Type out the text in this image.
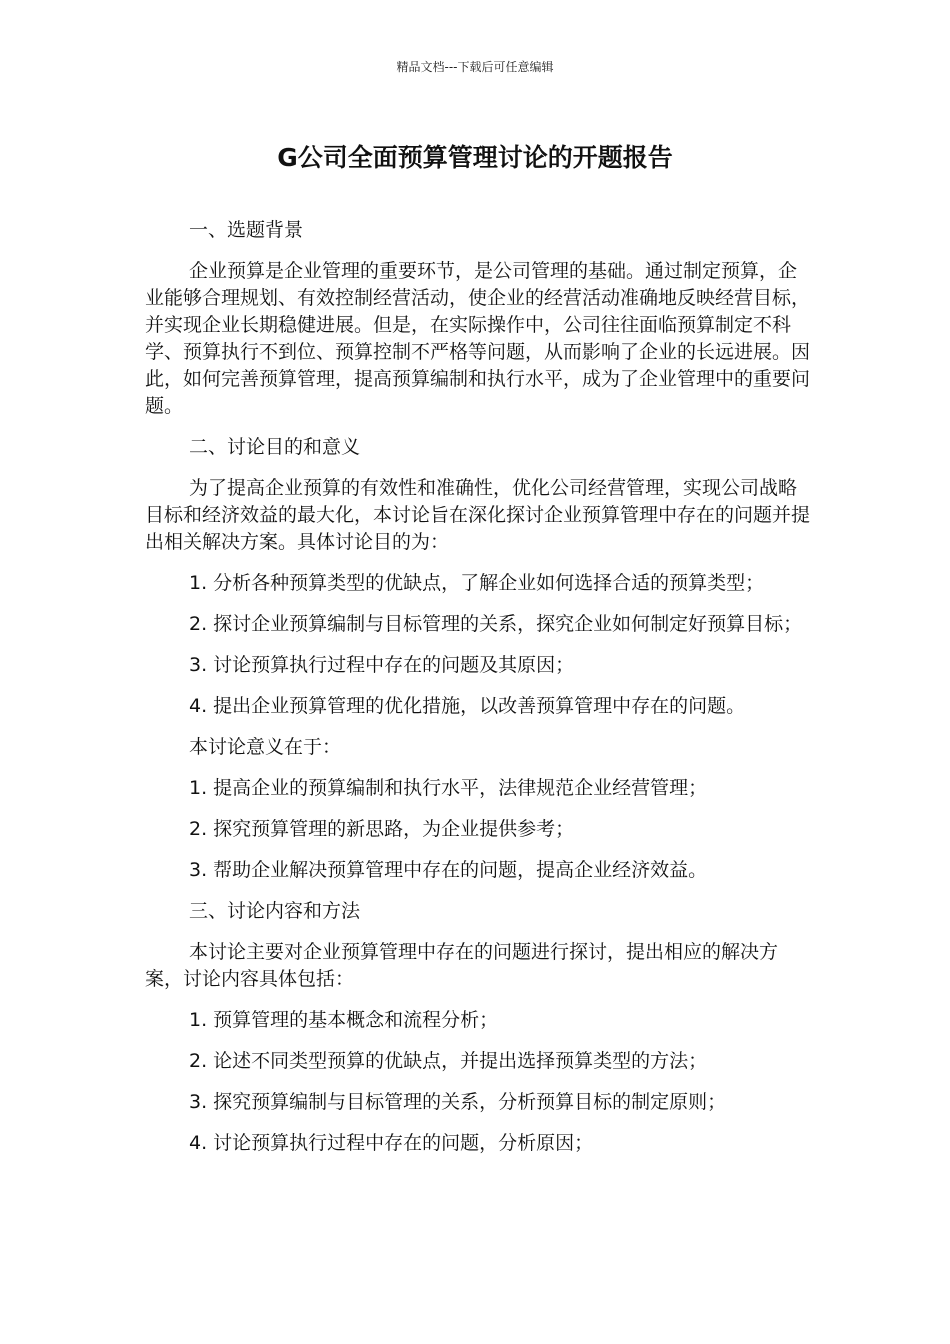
精品文档---下载后可任意编辑
G公司全面预算管理讨论的开题报告

一、选题背景

企业预算是企业管理的重要环节，是公司管理的基础。通过制定预算，企业能够合理规划、有效控制经营活动，使企业的经营活动准确地反映经营目标，并实现企业长期稳健进展。但是，在实际操作中，公司往往面临预算制定不科学、预算执行不到位、预算控制不严格等问题，从而影响了企业的长远进展。因此，如何完善预算管理，提高预算编制和执行水平，成为了企业管理中的重要问题。

二、讨论目的和意义

为了提高企业预算的有效性和准确性，优化公司经营管理，实现公司战略目标和经济效益的最大化，本讨论旨在深化探讨企业预算管理中存在的问题并提出相关解决方案。具体讨论目的为：

1. 分析各种预算类型的优缺点，了解企业如何选择合适的预算类型；

2. 探讨企业预算编制与目标管理的关系，探究企业如何制定好预算目标；

3. 讨论预算执行过程中存在的问题及其原因；

4. 提出企业预算管理的优化措施，以改善预算管理中存在的问题。

本讨论意义在于：

1. 提高企业的预算编制和执行水平，法律规范企业经营管理；

2. 探究预算管理的新思路，为企业提供参考；

3. 帮助企业解决预算管理中存在的问题，提高企业经济效益。

三、讨论内容和方法

本讨论主要对企业预算管理中存在的问题进行探讨，提出相应的解决方案，讨论内容具体包括：

1. 预算管理的基本概念和流程分析；

2. 论述不同类型预算的优缺点，并提出选择预算类型的方法；

3. 探究预算编制与目标管理的关系，分析预算目标的制定原则；

4. 讨论预算执行过程中存在的问题，分析原因；
